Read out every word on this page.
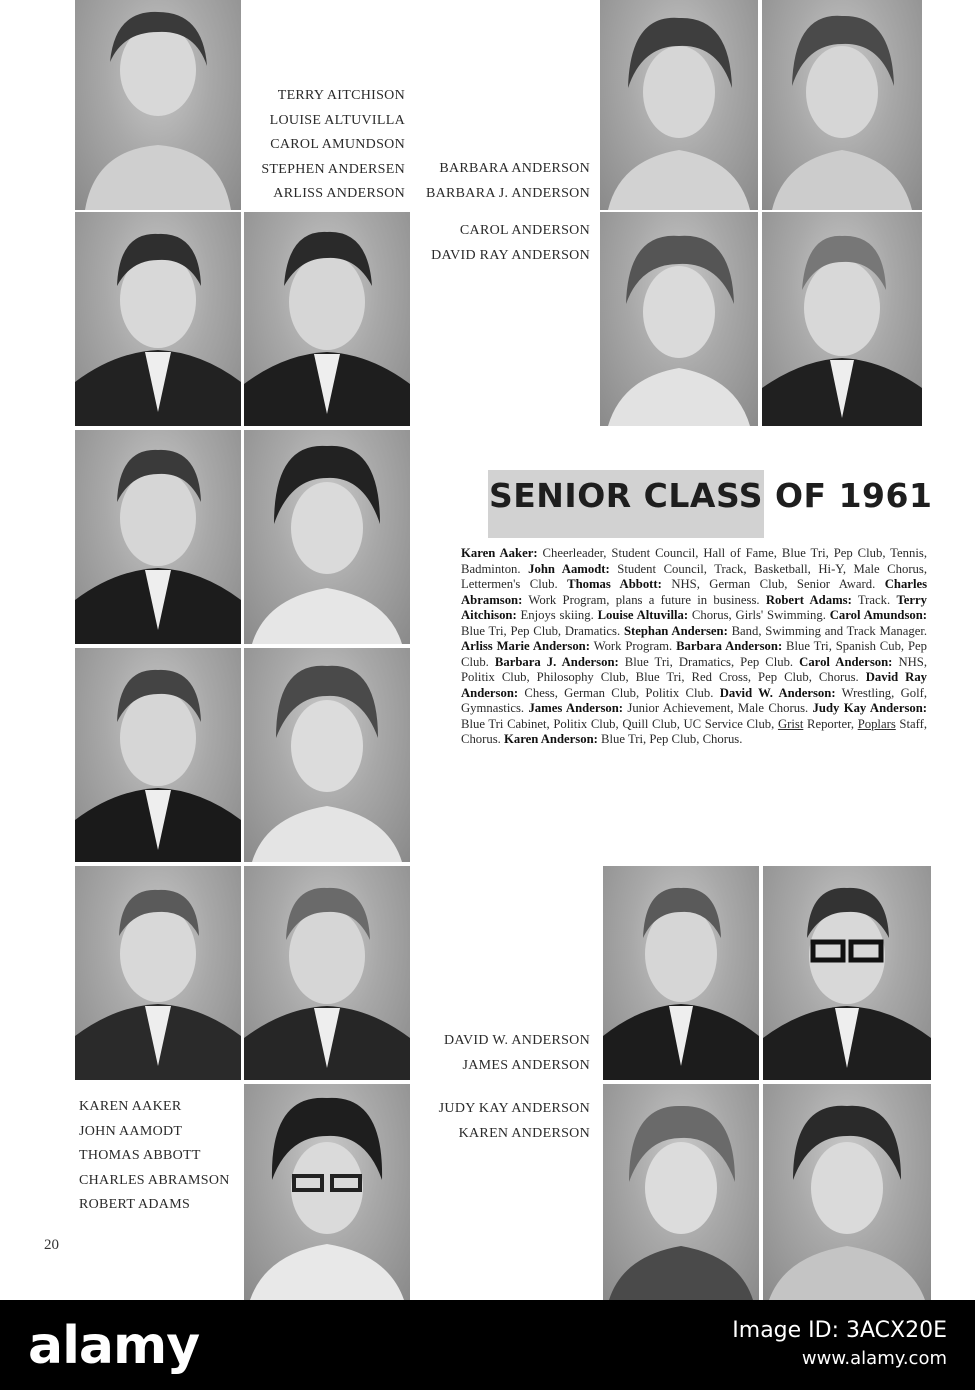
TERRY AITCHISON
LOUISE ALTUVILLA
CAROL AMUNDSON
STEPHEN ANDERSEN
ARLISS ANDERSON
BARBARA ANDERSON
BARBARA J. ANDERSON
CAROL ANDERSON
DAVID RAY ANDERSON
DAVID W. ANDERSON
JAMES ANDERSON
JUDY KAY ANDERSON
KAREN ANDERSON
KAREN AAKER
JOHN AAMODT
THOMAS ABBOTT
CHARLES ABRAMSON
ROBERT ADAMS
SENIOR CLASS OF 1961
Karen Aaker: Cheerleader, Student Council, Hall of Fame, Blue Tri, Pep Club, Tennis, Badminton. John Aamodt: Student Council, Track, Basketball, Hi-Y, Male Chorus, Lettermen's Club. Thomas Abbott: NHS, German Club, Senior Award. Charles Abramson: Work Program, plans a future in business. Robert Adams: Track. Terry Aitchison: Enjoys skiing. Louise Altuvilla: Chorus, Girls' Swimming. Carol Amundson: Blue Tri, Pep Club, Dramatics. Stephan Andersen: Band, Swimming and Track Manager. Arliss Marie Anderson: Work Program. Barbara Anderson: Blue Tri, Spanish Cub, Pep Club. Barbara J. Anderson: Blue Tri, Dramatics, Pep Club. Carol Anderson: NHS, Politix Club, Philosophy Club, Blue Tri, Red Cross, Pep Club, Chorus. David Ray Anderson: Chess, German Club, Politix Club. David W. Anderson: Wrestling, Golf, Gymnastics. James Anderson: Junior Achievement, Male Chorus. Judy Kay Anderson: Blue Tri Cabinet, Politix Club, Quill Club, UC Service Club, Grist Reporter, Poplars Staff, Chorus. Karen Anderson: Blue Tri, Pep Club, Chorus.
20
alamy	Image ID: 3ACX20E
www.alamy.com
